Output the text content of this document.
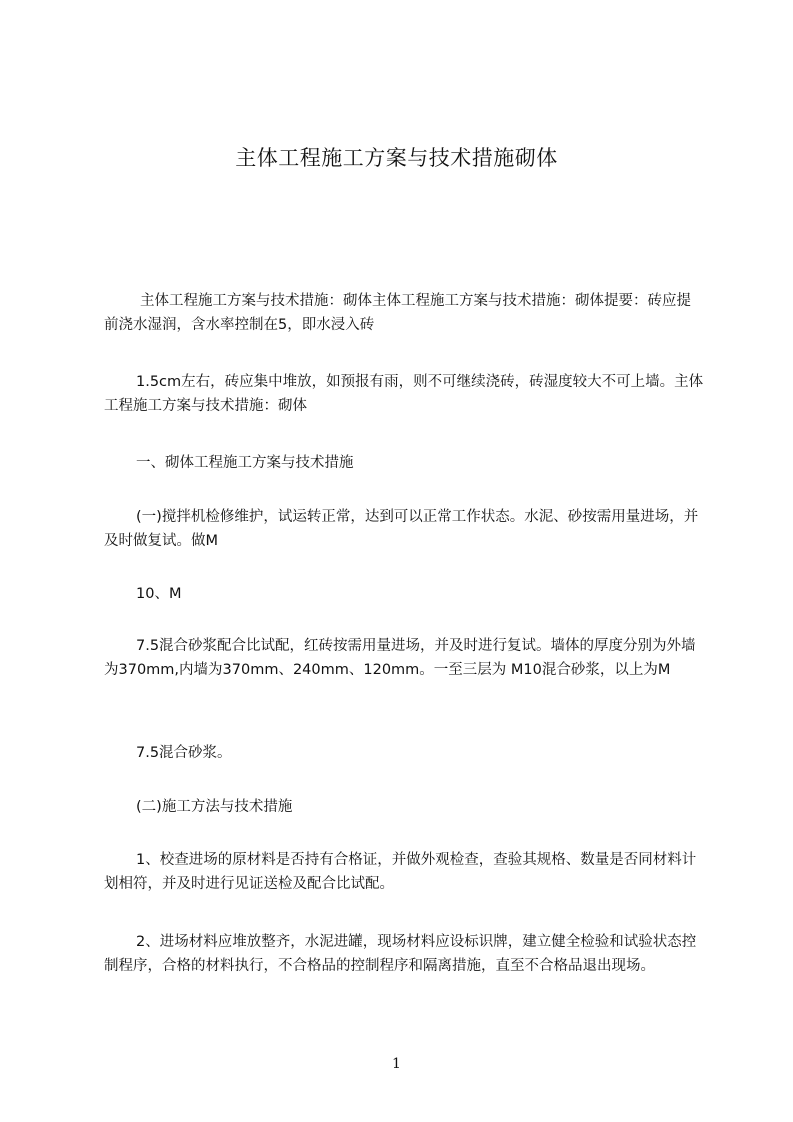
主体工程施工方案与技术措施砌体

主体工程施工方案与技术措施：砌体主体工程施工方案与技术措施：砌体提要：砖应提前浇水湿润，含水率控制在5，即水浸入砖

1.5cm左右，砖应集中堆放，如预报有雨，则不可继续浇砖，砖湿度较大不可上墙。主体工程施工方案与技术措施：砌体

一、砌体工程施工方案与技术措施

(一)搅拌机检修维护，试运转正常，达到可以正常工作状态。水泥、砂按需用量进场，并及时做复试。做M

10、M

7.5混合砂浆配合比试配，红砖按需用量进场，并及时进行复试。墙体的厚度分别为外墙为370mm,内墙为370mm、240mm、120mm。一至三层为 M10混合砂浆，以上为M

7.5混合砂浆。

(二)施工方法与技术措施

1、校查进场的原材料是否持有合格证，并做外观检查，查验其规格、数量是否同材料计划相符，并及时进行见证送检及配合比试配。

2、进场材料应堆放整齐，水泥进罐，现场材料应设标识牌，建立健全检验和试验状态控制程序，合格的材料执行，不合格品的控制程序和隔离措施，直至不合格品退出现场。

1
